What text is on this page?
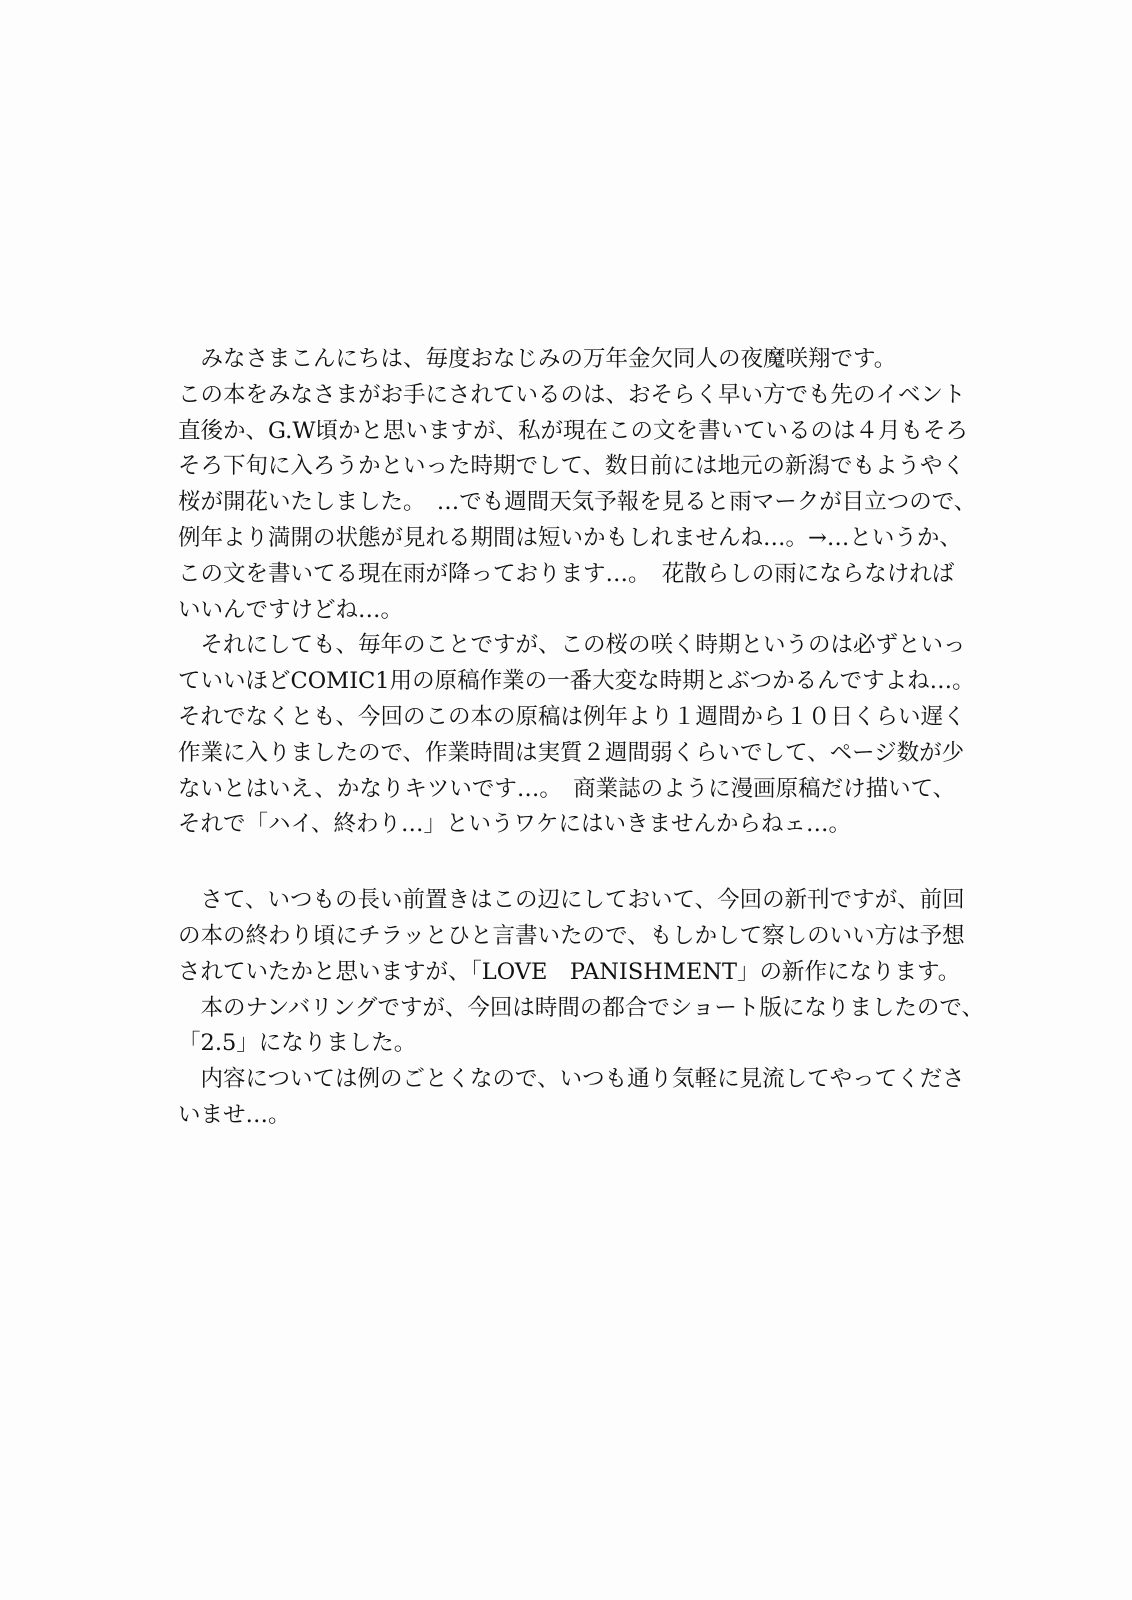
　みなさまこんにちは、毎度おなじみの万年金欠同人の夜魔咲翔です。
この本をみなさまがお手にされているのは、おそらく早い方でも先のイベント
直後か、G.W頃かと思いますが、私が現在この文を書いているのは４月もそろ
そろ下旬に入ろうかといった時期でして、数日前には地元の新潟でもようやく
桜が開花いたしました。　…でも週間天気予報を見ると雨マークが目立つので、
例年より満開の状態が見れる期間は短いかもしれませんね…。→…というか、
この文を書いてる現在雨が降っております…。　花散らしの雨にならなければ
いいんですけどね…。
　それにしても、毎年のことですが、この桜の咲く時期というのは必ずといっ
ていいほどCOMIC1用の原稿作業の一番大変な時期とぶつかるんですよね…。
それでなくとも、今回のこの本の原稿は例年より１週間から１０日くらい遅く
作業に入りましたので、作業時間は実質２週間弱くらいでして、ページ数が少
ないとはいえ、かなりキツいです…。　商業誌のように漫画原稿だけ描いて、
それで「ハイ、終わり…」というワケにはいきませんからねェ…。
　さて、いつもの長い前置きはこの辺にしておいて、今回の新刊ですが、前回
の本の終わり頃にチラッとひと言書いたので、もしかして察しのいい方は予想
されていたかと思いますが、「LOVE　PANISHMENT」の新作になります。
　本のナンバリングですが、今回は時間の都合でショート版になりましたので、
「2.5」になりました。
　内容については例のごとくなので、いつも通り気軽に見流してやってくださ
いませ…。
